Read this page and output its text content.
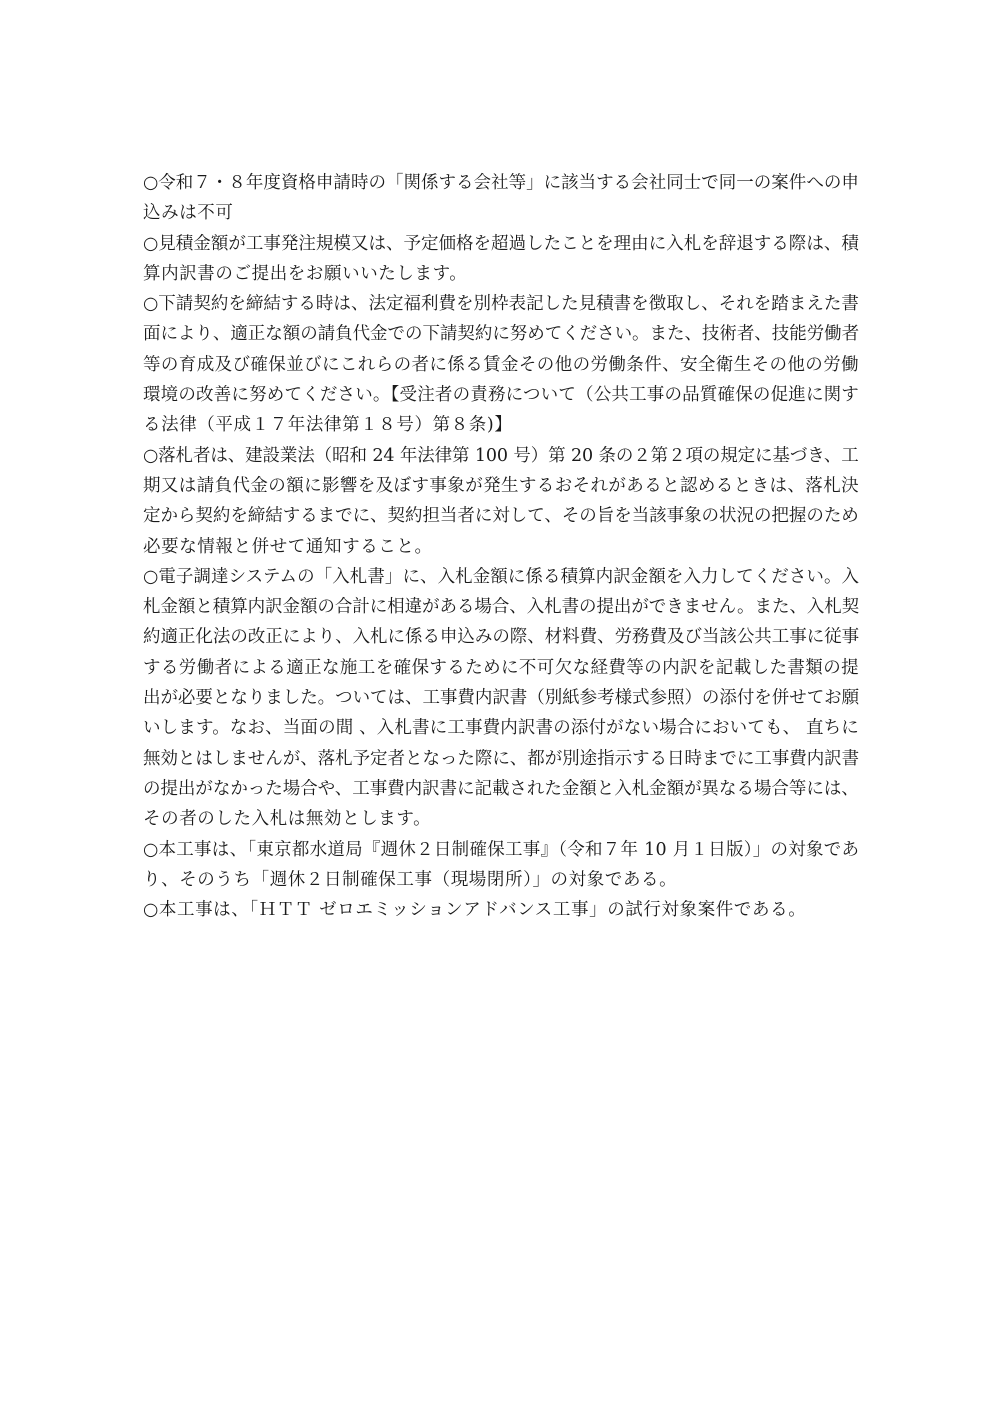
○令和７・８年度資格申請時の「関係する会社等」に該当する会社同士で同一の案件への申
込みは不可
○見積金額が工事発注規模又は、予定価格を超過したことを理由に入札を辞退する際は、積
算内訳書のご提出をお願いいたします。
○下請契約を締結する時は、法定福利費を別枠表記した見積書を徴取し、それを踏まえた書
面により、適正な額の請負代金での下請契約に努めてください。また、技術者、技能労働者
等の育成及び確保並びにこれらの者に係る賃金その他の労働条件、安全衛生その他の労働
環境の改善に努めてください。【受注者の責務について（公共工事の品質確保の促進に関す
る法律（平成１７年法律第１８号）第８条)】
○落札者は、建設業法（昭和 24 年法律第 100 号）第 20 条の２第２項の規定に基づき、工
期又は請負代金の額に影響を及ぼす事象が発生するおそれがあると認めるときは、落札決
定から契約を締結するまでに、契約担当者に対して、その旨を当該事象の状況の把握のため
必要な情報と併せて通知すること。
○電子調達システムの「入札書」に、入札金額に係る積算内訳金額を入力してください。入
札金額と積算内訳金額の合計に相違がある場合、入札書の提出ができません。また、入札契
約適正化法の改正により、入札に係る申込みの際、材料費、労務費及び当該公共工事に従事
する労働者による適正な施工を確保するために不可欠な経費等の内訳を記載した書類の提
出が必要となりました。ついては、工事費内訳書（別紙参考様式参照）の添付を併せてお願
いします。なお、当面の間 、入札書に工事費内訳書の添付がない場合においても、 直ちに
無効とはしませんが、落札予定者となった際に、都が別途指示する日時までに工事費内訳書
の提出がなかった場合や、工事費内訳書に記載された金額と入札金額が異なる場合等には、
その者のした入札は無効とします。
○本工事は、「東京都水道局『週休２日制確保工事』（令和７年 10 月１日版）」の対象であ
り、そのうち「週休２日制確保工事（現場閉所）」の対象である。
○本工事は、「ＨＴＴ ゼロエミッションアドバンス工事」の試行対象案件である。
